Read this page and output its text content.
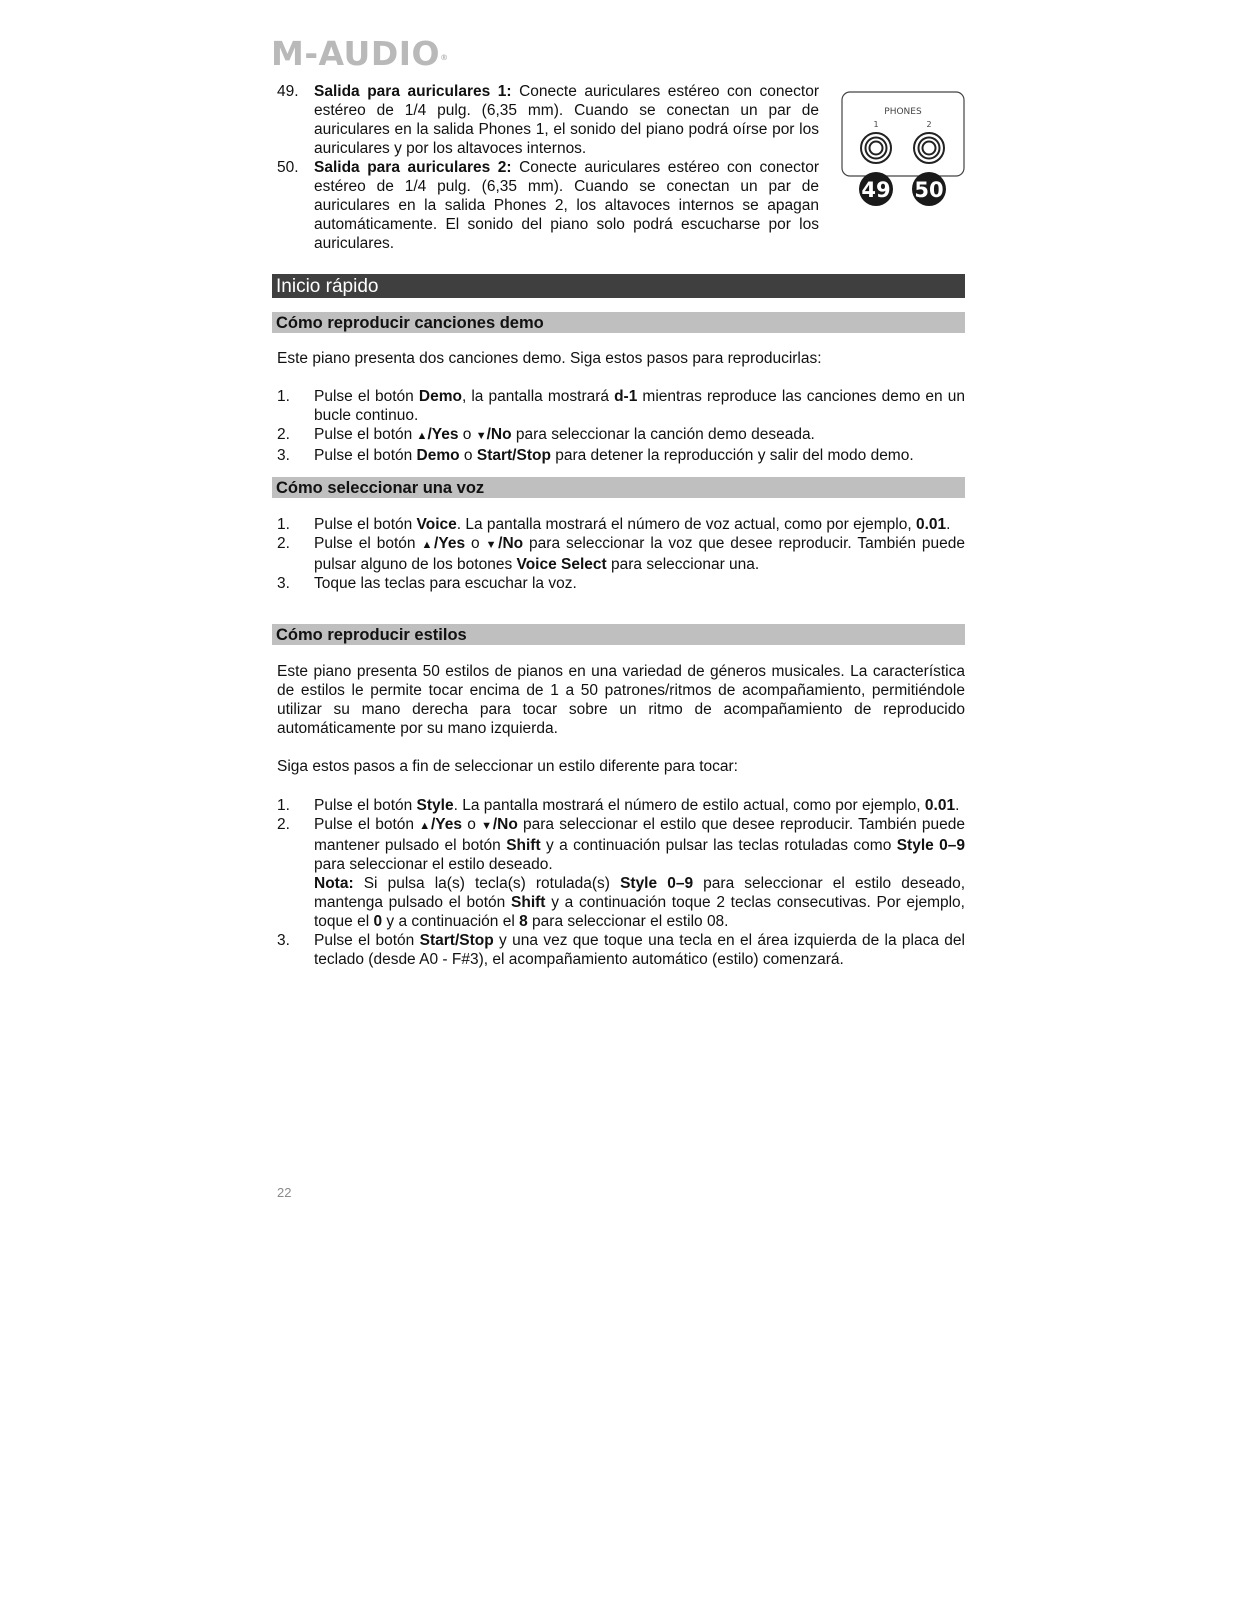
M-AUDIO®
49. Salida para auriculares 1: Conecte auriculares estéreo con conector estéreo de 1/4 pulg. (6,35 mm). Cuando se conectan un par de auriculares en la salida Phones 1, el sonido del piano podrá oírse por los auriculares y por los altavoces internos.
50. Salida para auriculares 2: Conecte auriculares estéreo con conector estéreo de 1/4 pulg. (6,35 mm). Cuando se conectan un par de auriculares en la salida Phones 2, los altavoces internos se apagan automáticamente. El sonido del piano solo podrá escucharse por los auriculares.
PHONES
1	2
49 50
Inicio rápido
Cómo reproducir canciones demo
Este piano presenta dos canciones demo. Siga estos pasos para reproducirlas:
1. Pulse el botón Demo, la pantalla mostrará d-1 mientras reproduce las canciones demo en un bucle continuo.
2. Pulse el botón ▲/Yes o ▼/No para seleccionar la canción demo deseada.
3. Pulse el botón Demo o Start/Stop para detener la reproducción y salir del modo demo.
Cómo seleccionar una voz
1. Pulse el botón Voice. La pantalla mostrará el número de voz actual, como por ejemplo, 0.01.
2. Pulse el botón ▲/Yes o ▼/No para seleccionar la voz que desee reproducir. También puede pulsar alguno de los botones Voice Select para seleccionar una.
3. Toque las teclas para escuchar la voz.
Cómo reproducir estilos
Este piano presenta 50 estilos de pianos en una variedad de géneros musicales. La característica de estilos le permite tocar encima de 1 a 50 patrones/ritmos de acompañamiento, permitiéndole utilizar su mano derecha para tocar sobre un ritmo de acompañamiento de reproducido automáticamente por su mano izquierda.
Siga estos pasos a fin de seleccionar un estilo diferente para tocar:
1. Pulse el botón Style. La pantalla mostrará el número de estilo actual, como por ejemplo, 0.01.
2. Pulse el botón ▲/Yes o ▼/No para seleccionar el estilo que desee reproducir. También puede mantener pulsado el botón Shift y a continuación pulsar las teclas rotuladas como Style 0–9 para seleccionar el estilo deseado.
Nota: Si pulsa la(s) tecla(s) rotulada(s) Style 0–9 para seleccionar el estilo deseado, mantenga pulsado el botón Shift y a continuación toque 2 teclas consecutivas. Por ejemplo, toque el 0 y a continuación el 8 para seleccionar el estilo 08.
3. Pulse el botón Start/Stop y una vez que toque una tecla en el área izquierda de la placa del teclado (desde A0 - F#3), el acompañamiento automático (estilo) comenzará.
22
